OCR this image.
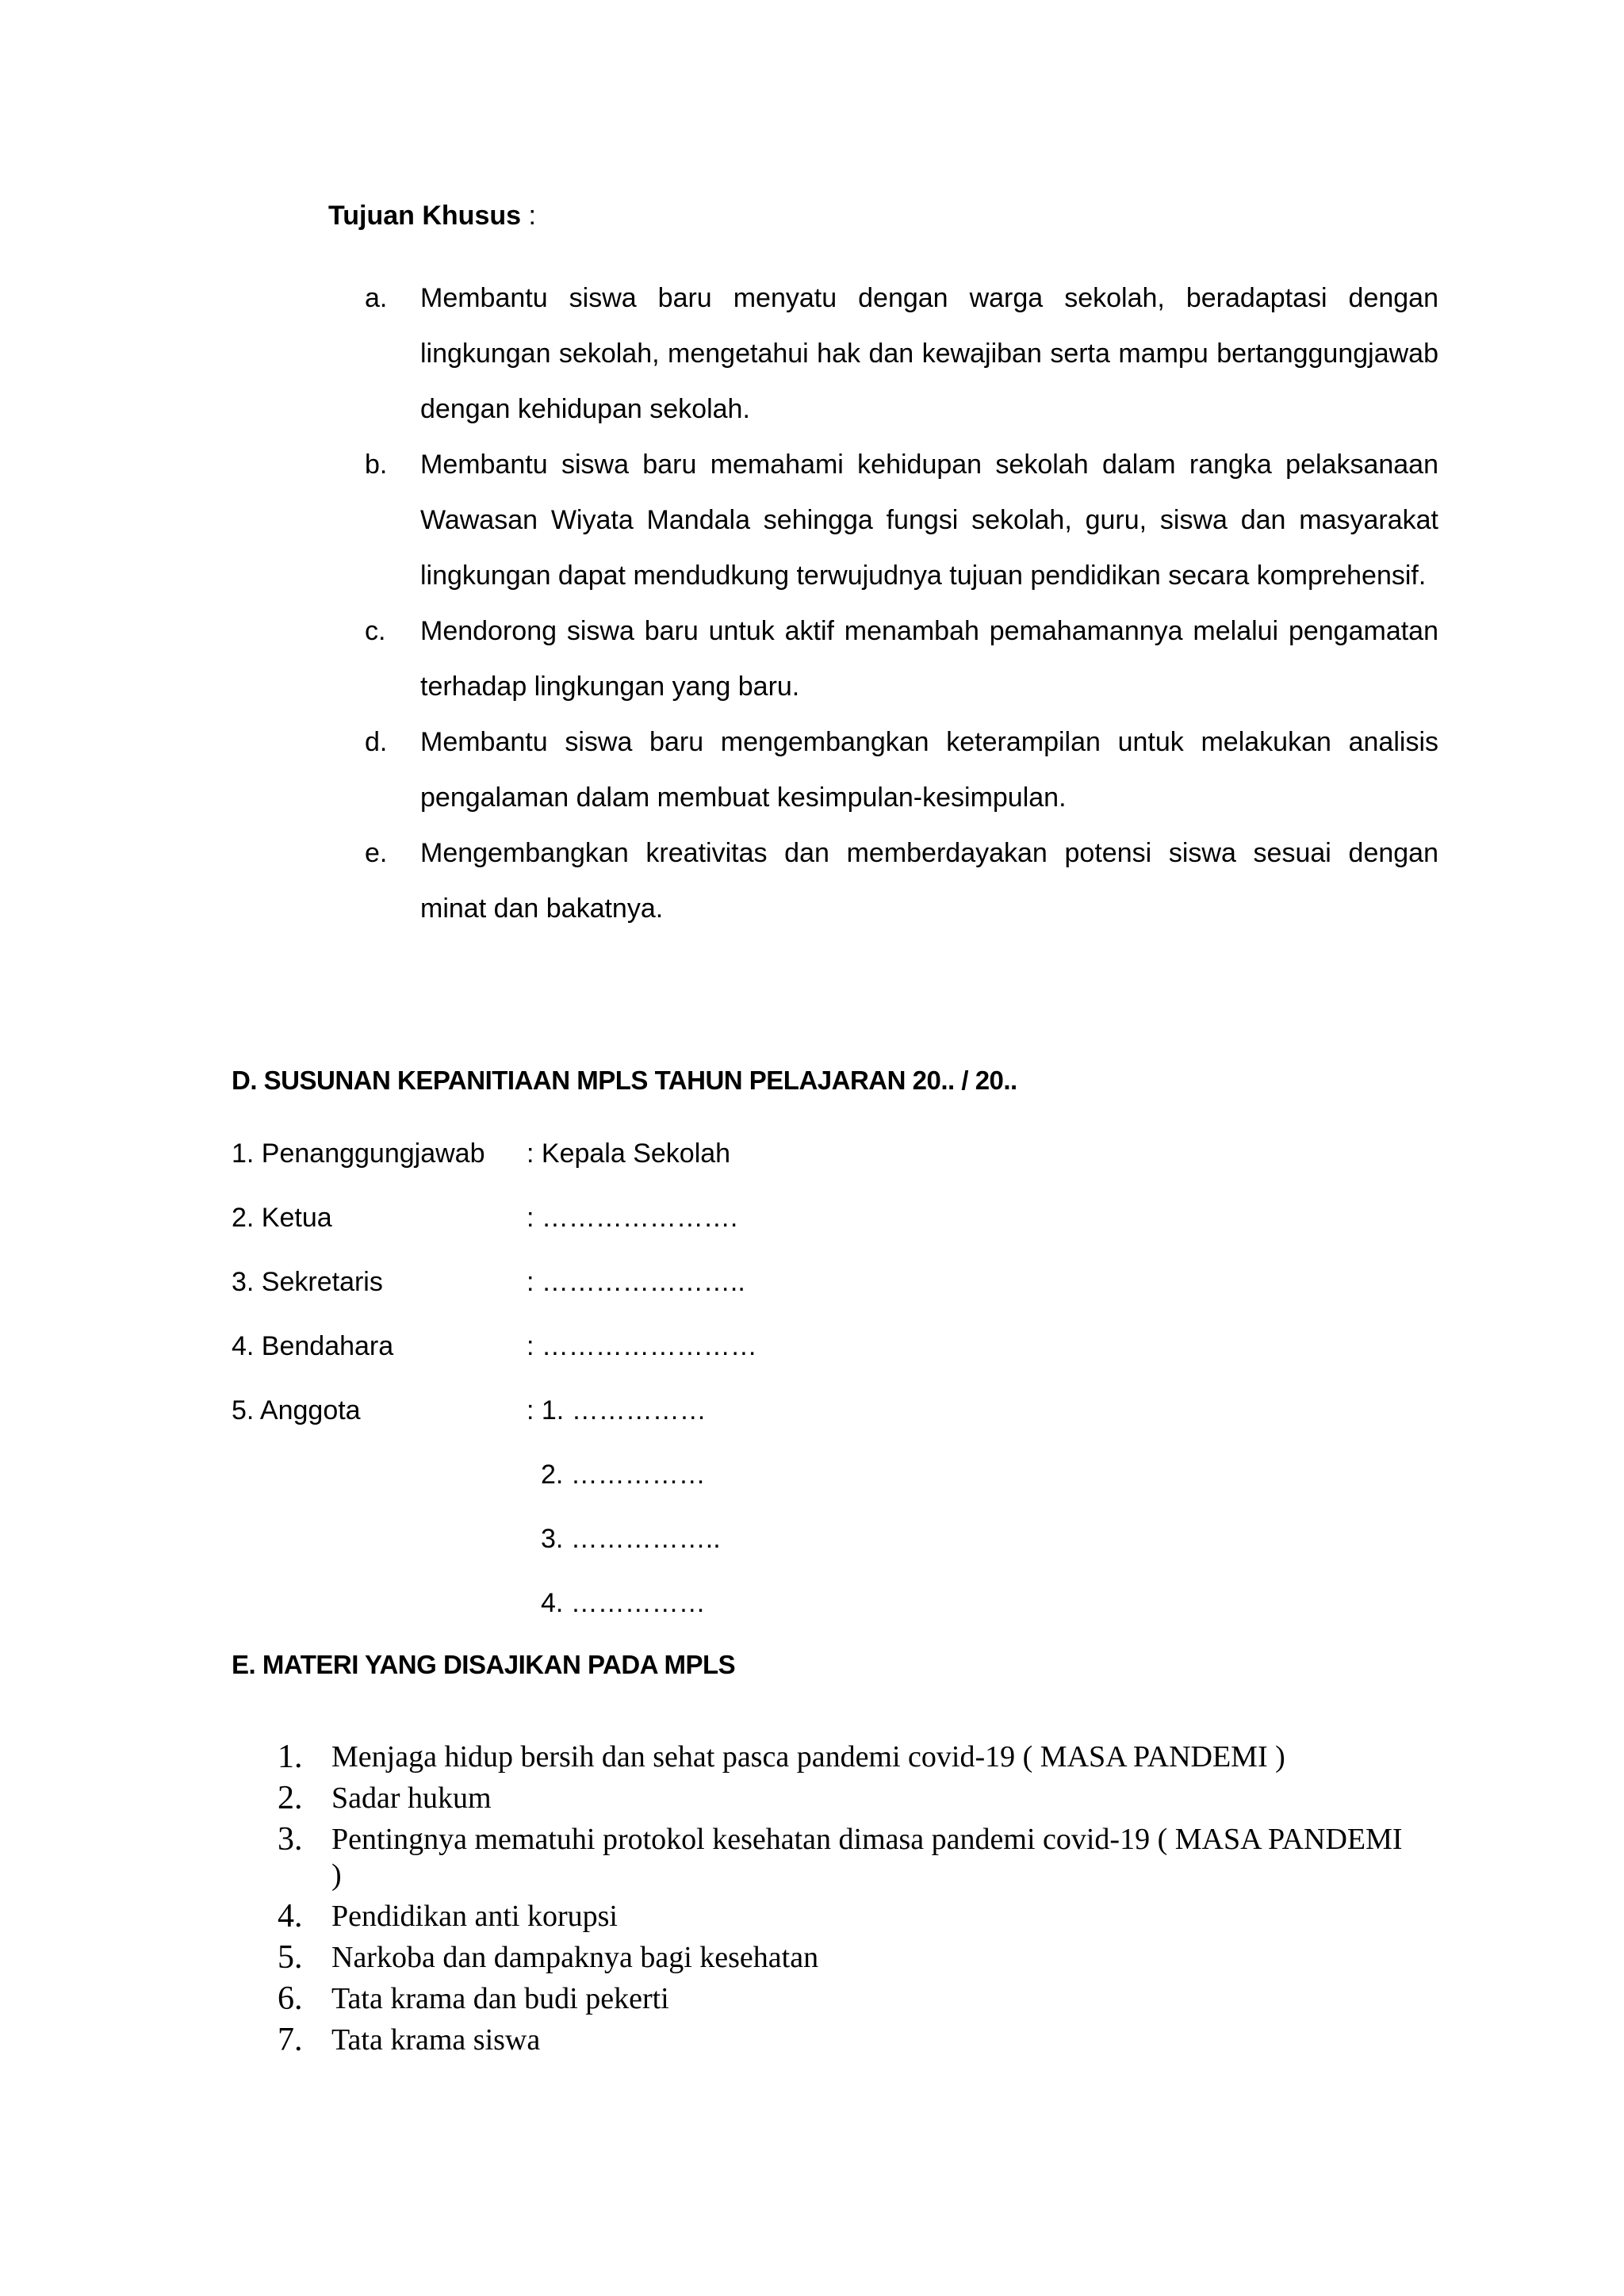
Tujuan Khusus :
a. Membantu siswa baru menyatu dengan warga sekolah, beradaptasi dengan lingkungan sekolah, mengetahui hak dan kewajiban serta mampu bertanggungjawab dengan kehidupan sekolah.
b. Membantu siswa baru memahami kehidupan sekolah dalam rangka pelaksanaan Wawasan Wiyata Mandala sehingga fungsi sekolah, guru, siswa dan masyarakat lingkungan dapat mendudkung terwujudnya tujuan pendidikan secara komprehensif.
c. Mendorong siswa baru untuk aktif menambah pemahamannya melalui pengamatan terhadap lingkungan yang baru.
d. Membantu siswa baru mengembangkan keterampilan untuk melakukan analisis pengalaman dalam membuat kesimpulan-kesimpulan.
e. Mengembangkan kreativitas dan memberdayakan potensi siswa sesuai dengan minat dan bakatnya.
D. SUSUNAN KEPANITIAAN MPLS TAHUN PELAJARAN 20.. / 20..
1. Penanggungjawab : Kepala Sekolah
2. Ketua	: ………………….
3. Sekretaris	: …………………..
4. Bendahara	: ……………………
5. Anggota	: 1. ……………
2. ……………
3. ……………..
4. ……………
E. MATERI YANG DISAJIKAN PADA MPLS
1. Menjaga hidup bersih dan sehat pasca pandemi covid-19 ( MASA PANDEMI )
2. Sadar hukum
3. Pentingnya mematuhi protokol kesehatan dimasa pandemi covid-19 ( MASA PANDEMI )
4. Pendidikan anti korupsi
5. Narkoba dan dampaknya bagi kesehatan
6. Tata krama dan budi pekerti
7. Tata krama siswa
